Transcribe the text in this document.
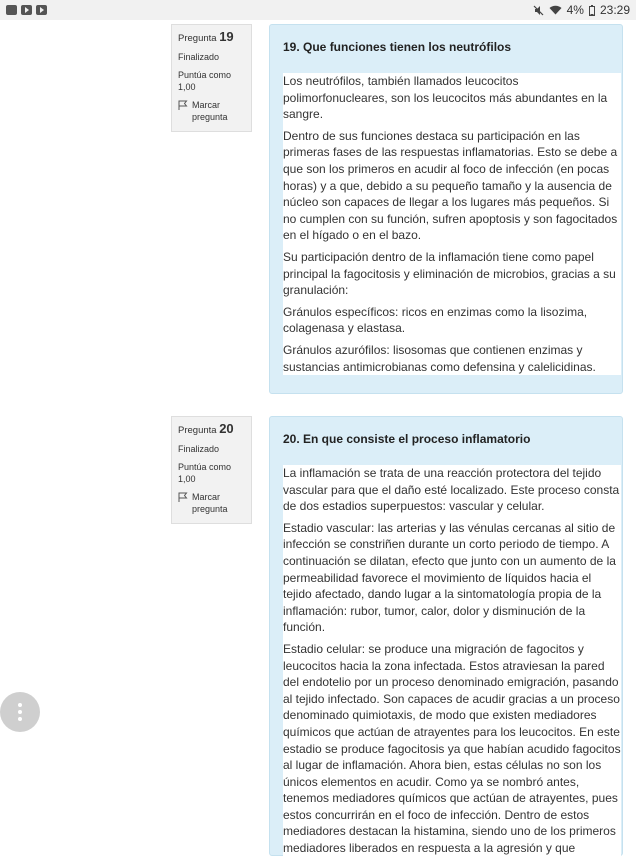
4% 23:29
Pregunta 19
Finalizado
Puntúa como 1,00
Marcar pregunta
19. Que funciones tienen los neutrófilos

Los neutrófilos, también llamados leucocitos polimorfonucleares, son los leucocitos más abundantes en la sangre.

Dentro de sus funciones destaca su participación en las primeras fases de las respuestas inflamatorias. Esto se debe a que son los primeros en acudir al foco de infección (en pocas horas) y a que, debido a su pequeño tamaño y la ausencia de núcleo son capaces de llegar a los lugares más pequeños. Si no cumplen con su función, sufren apoptosis y son fagocitados en el hígado o en el bazo.

Su participación dentro de la inflamación tiene como papel principal la fagocitosis y eliminación de microbios, gracias a su granulación:

Gránulos específicos: ricos en enzimas como la lisozima, colagenasa y elastasa.

Gránulos azurófilos: lisosomas que contienen enzimas y sustancias antimicrobianas como defensina y calelicidinas.

Pregunta 20
Finalizado
Puntúa como 1,00
Marcar pregunta
20. En que consiste el proceso inflamatorio

La inflamación se trata de una reacción protectora del tejido vascular para que el daño esté localizado. Este proceso consta de dos estadios superpuestos: vascular y celular.

Estadio vascular: las arterias y las vénulas cercanas al sitio de infección se constriñen durante un corto periodo de tiempo. A continuación se dilatan, efecto que junto con un aumento de la permeabilidad favorece el movimiento de líquidos hacia el tejido afectado, dando lugar a la sintomatología propia de la inflamación: rubor, tumor, calor, dolor y disminución de la función.

Estadio celular: se produce una migración de fagocitos y leucocitos hacia la zona infectada. Estos atraviesan la pared del endotelio por un proceso denominado emigración, pasando al tejido infectado. Son capaces de acudir gracias a un proceso denominado quimiotaxis, de modo que existen mediadores químicos que actúan de atrayentes para los leucocitos. En este estadio se produce fagocitosis ya que habían acudido fagocitos al lugar de inflamación. Ahora bien, estas células no son los únicos elementos en acudir. Como ya se nombró antes, tenemos mediadores químicos que actúan de atrayentes, pues estos concurrirán en el foco de infección. Dentro de estos mediadores destacan la histamina, siendo uno de los primeros mediadores liberados en respuesta a la agresión y que
